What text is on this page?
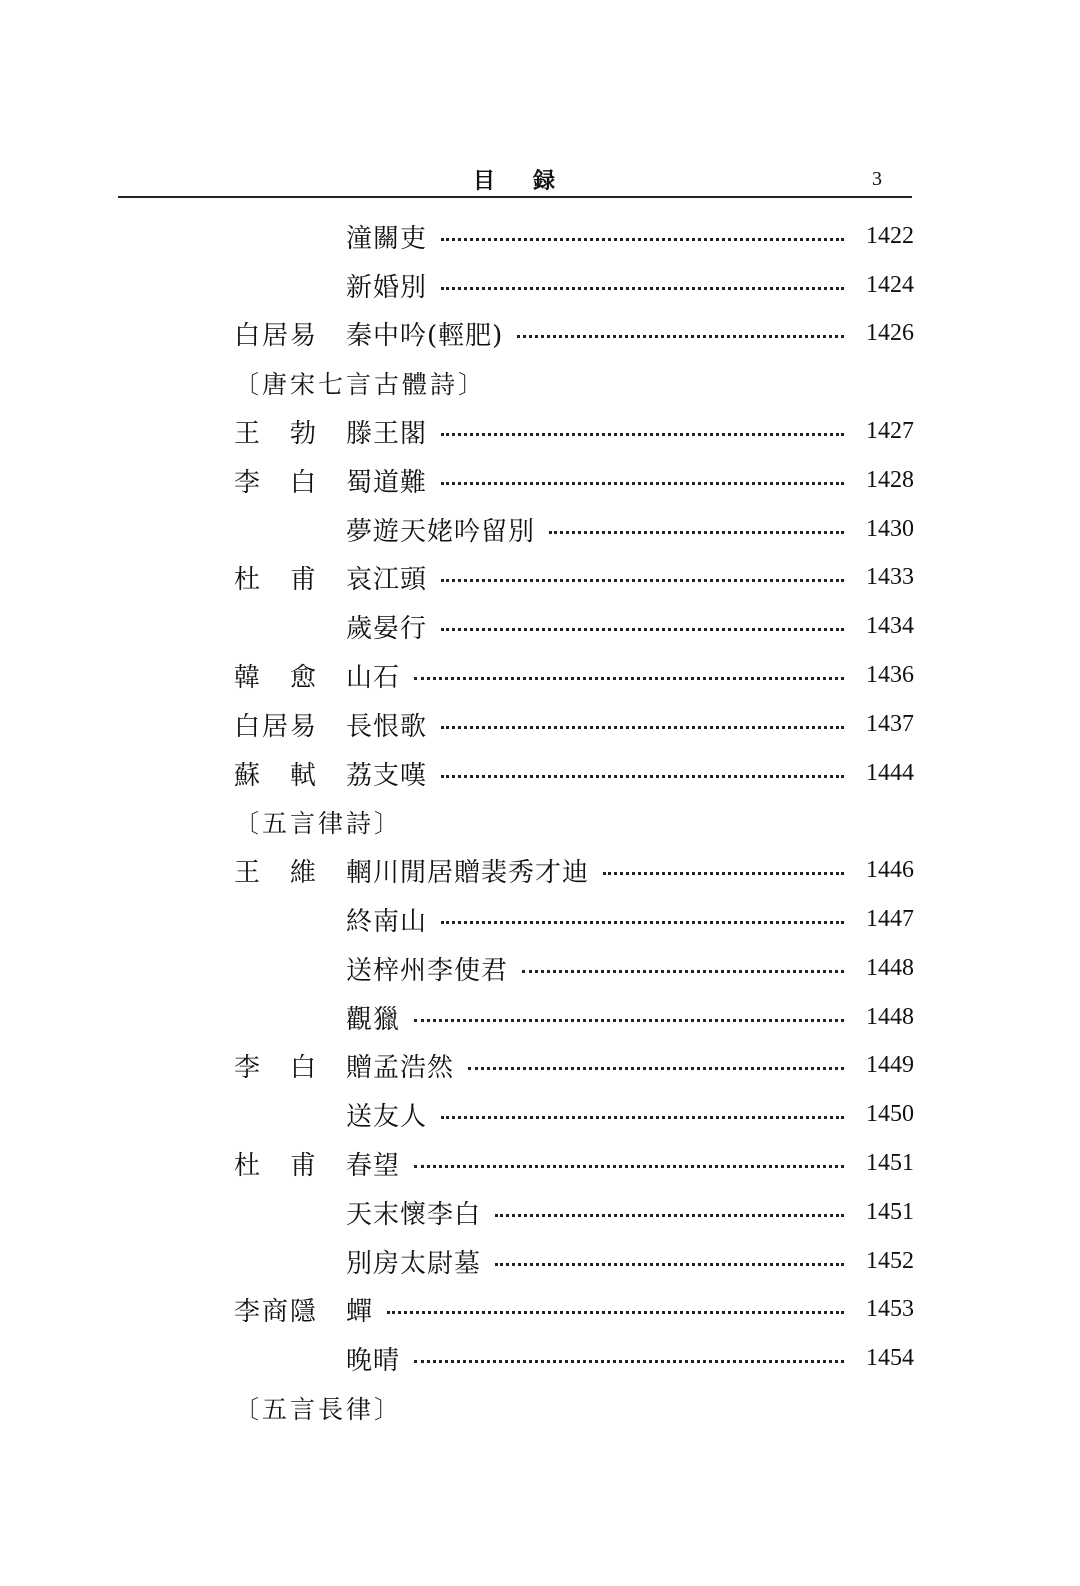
目録	3
潼關吏	1422
新婚別	1424
白居易	秦中吟(輕肥)	1426
〔唐宋七言古體詩〕
王勃 滕王閣	1427
李白 蜀道難	1428
夢遊天姥吟留別	1430
杜甫 哀江頭	1433
歲晏行	1434
韓愈 山石	1436
白居易	長恨歌	1437
蘇軾 荔支嘆	1444
〔五言律詩〕
王維 輞川閒居贈裴秀才迪	1446
終南山	1447
送梓州李使君	1448
觀獵	1448
李白 贈孟浩然	1449
送友人	1450
杜甫 春望	1451
天末懷李白	1451
別房太尉墓	1452
李商隱	蟬	1453
晚晴	1454
〔五言長律〕
